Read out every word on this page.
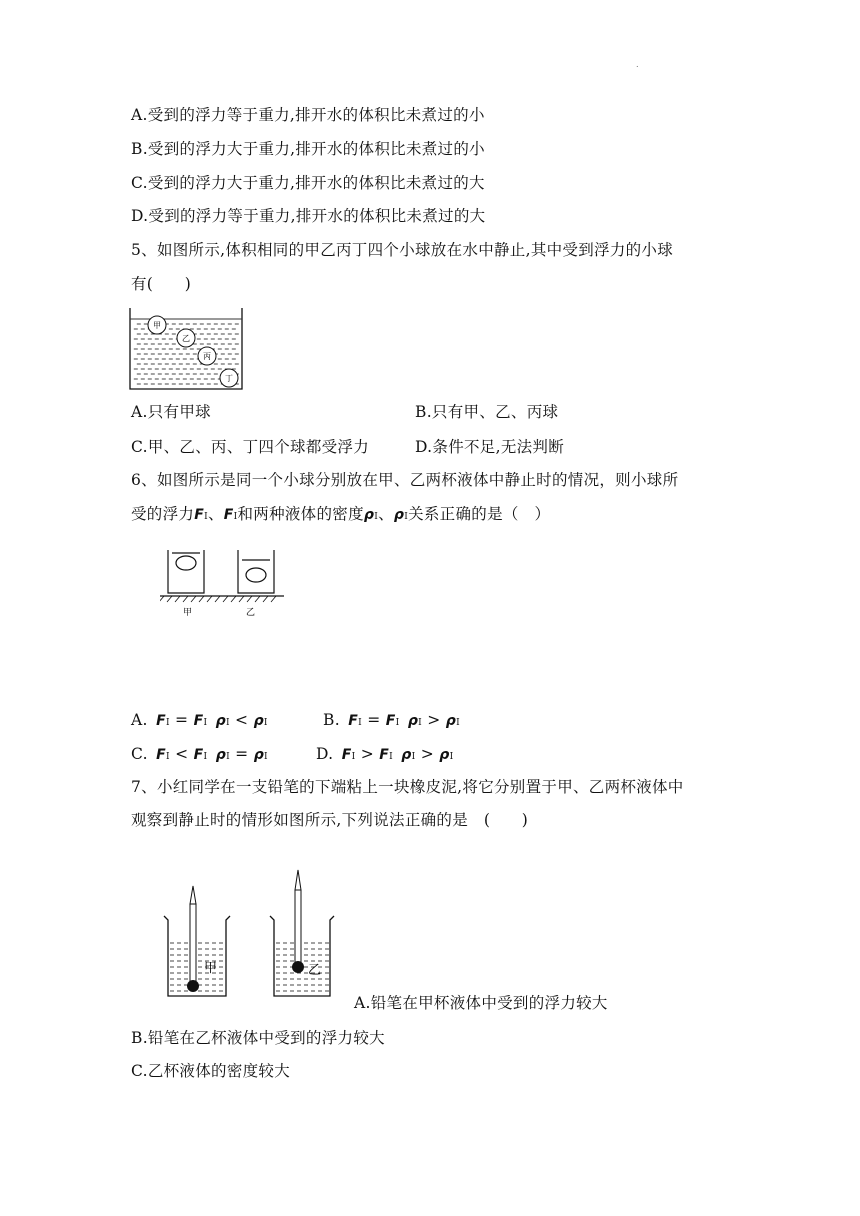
.
A.受到的浮力等于重力,排开水的体积比未煮过的小
B.受到的浮力大于重力,排开水的体积比未煮过的小
C.受到的浮力大于重力,排开水的体积比未煮过的大
D.受到的浮力等于重力,排开水的体积比未煮过的大
5、如图所示,体积相同的甲乙丙丁四个小球放在水中静止,其中受到浮力的小球
有(　　)
甲
乙
丙
丁
A.只有甲球	B.只有甲、乙、丙球
C.甲、乙、丙、丁四个球都受浮力	D.条件不足,无法判断
6、如图所示是同一个小球分别放在甲、乙两杯液体中静止时的情况，则小球所
受的浮力FI、FI和两种液体的密度ρI、ρI关系正确的是（　）
甲	乙
A.  FI = FI  ρI < ρI	B.  FI = FI  ρI > ρI
C.  FI < FI  ρI = ρI	D.  FI > FI  ρI > ρI
7、小红同学在一支铅笔的下端粘上一块橡皮泥,将它分别置于甲、乙两杯液体中
观察到静止时的情形如图所示,下列说法正确的是　(　　)
甲	乙
A.铅笔在甲杯液体中受到的浮力较大
B.铅笔在乙杯液体中受到的浮力较大
C.乙杯液体的密度较大
